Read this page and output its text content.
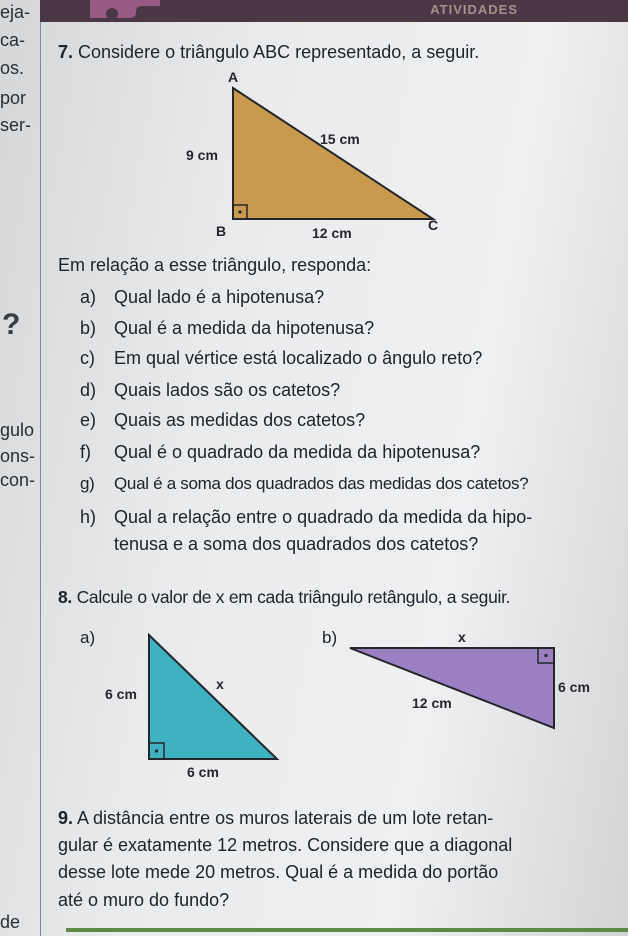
ATIVIDADES
eja-
ca-
os.
por
ser-
?
gulo
ons-
con-
de
7. Considere o triângulo ABC representado, a seguir.
A
B	C
9 cm
15 cm
12 cm
Em relação a esse triângulo, responda:
a) Qual lado é a hipotenusa?
b) Qual é a medida da hipotenusa?
c) Em qual vértice está localizado o ângulo reto?
d) Quais lados são os catetos?
e) Quais as medidas dos catetos?
f) Qual é o quadrado da medida da hipotenusa?
g) Qual é a soma dos quadrados das medidas dos catetos?
h) Qual a relação entre o quadrado da medida da hipo-
tenusa e a soma dos quadrados dos catetos?
8. Calcule o valor de x em cada triângulo retângulo, a seguir.
a)
6 cm
x
6 cm
b)	x
12 cm
6 cm
9. A distância entre os muros laterais de um lote retan-
gular é exatamente 12 metros. Considere que a diagonal
desse lote mede 20 metros. Qual é a medida do portão
até o muro do fundo?
